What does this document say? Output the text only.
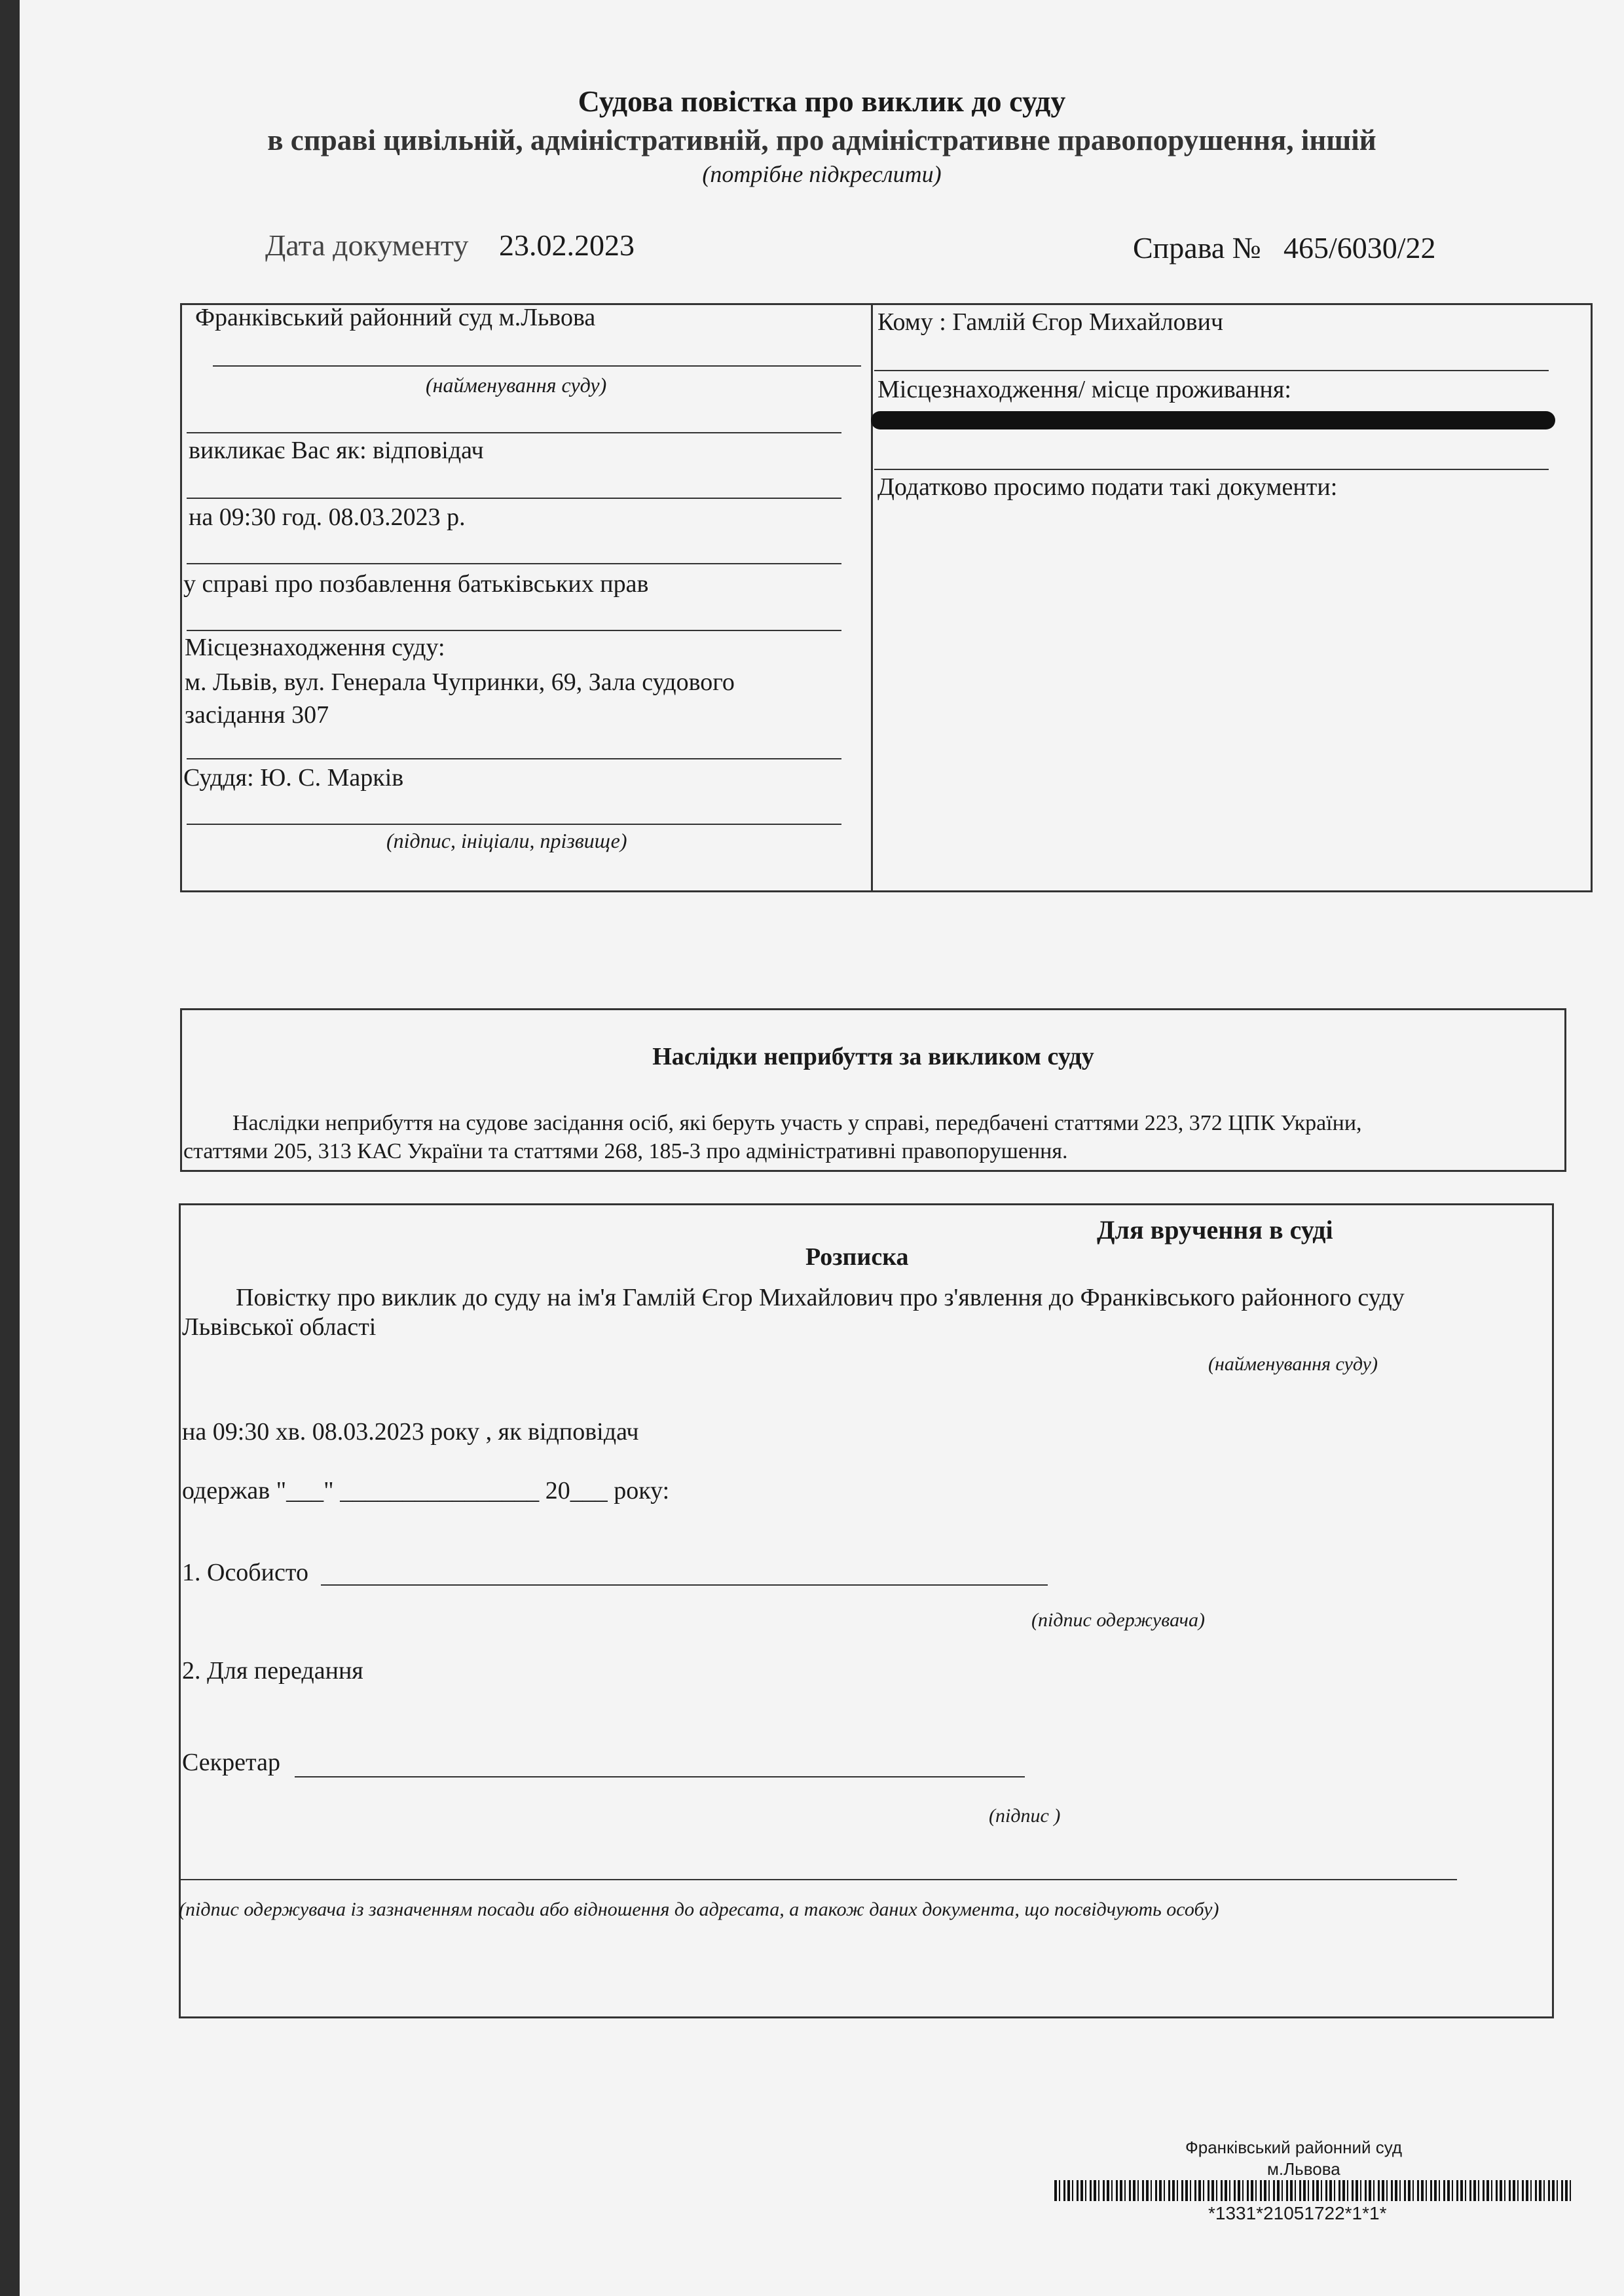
Судова повістка про виклик до суду
в справі цивільній, адміністративній, про адміністративне правопорушення, іншій
(потрібне підкреслити)
Дата документу 23.02.2023	Справа № 465/6030/22
Франківський районний суд м.Львова
(найменування суду)
викликає Вас як: відповідач
на 09:30 год. 08.03.2023 р.
у справі про позбавлення батьківських прав
Місцезнаходження суду:
м. Львів, вул. Генерала Чупринки, 69, Зала судового
засідання 307
Суддя: Ю. С. Марків
(підпис, ініціали, прізвище)
Кому : Гамлій Єгор Михайлович
Місцезнаходження/ місце проживання:
Додатково просимо подати такі документи:
Наслідки неприбуття за викликом суду
Наслідки неприбуття на судове засідання осіб, які беруть участь у справі, передбачені статтями 223, 372 ЦПК України,
статтями 205, 313 КАС України та статтями 268, 185-3 про адміністративні правопорушення.
Для вручення в суді
Розписка
Повістку про виклик до суду на ім'я Гамлій Єгор Михайлович про з'явлення до Франківського районного суду
Львівської області
(найменування суду)
на 09:30 хв. 08.03.2023 року , як відповідач
одержав "___" ________________ 20___ року:
1. Особисто
(підпис одержувача)
2. Для передання
Секретар
(підпис )
(підпис одержувача із зазначенням посади або відношення до адресата, а також даних документа, що посвідчують особу)
Франківський районний суд
м.Львова
*1331*21051722*1*1*
